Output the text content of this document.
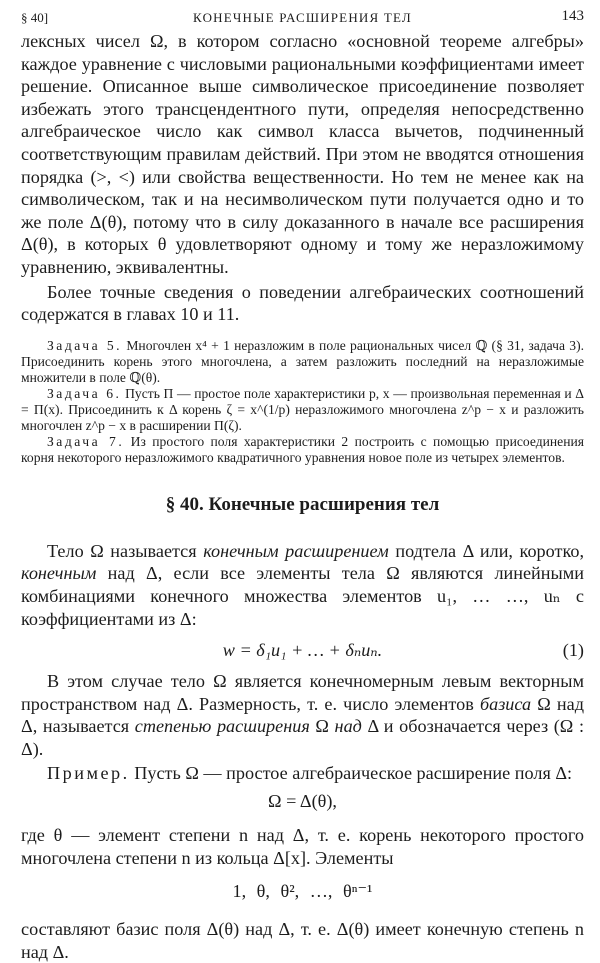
§ 40]	КОНЕЧНЫЕ РАСШИРЕНИЯ ТЕЛ	143

лексных чисел Ω, в котором согласно «основной теореме алгебры» каждое уравнение с числовыми рациональными коэффициентами имеет решение. Описанное выше символическое присоединение позволяет избежать этого трансцендентного пути, определяя непосредственно алгебраическое число как символ класса вычетов, подчиненный соответствующим правилам действий. При этом не вводятся отношения порядка (>, <) или свойства вещественности. Но тем не менее как на символическом, так и на несимволическом пути получается одно и то же поле Δ(θ), потому что в силу доказанного в начале все расширения Δ(θ), в которых θ удовлетворяют одному и тому же неразложимому уравнению, эквивалентны.

Более точные сведения о поведении алгебраических соотношений содержатся в главах 10 и 11.

Задача 5. Многочлен x⁴ + 1 неразложим в поле рациональных чисел ℚ (§ 31, задача 3). Присоединить корень этого многочлена, а затем разложить последний на неразложимые множители в поле ℚ(θ).

Задача 6. Пусть Π — простое поле характеристики p, x — произвольная переменная и Δ = Π(x). Присоединить к Δ корень ζ = x^(1/p) неразложимого многочлена z^p − x и разложить многочлен z^p − x в расширении Π(ζ).

Задача 7. Из простого поля характеристики 2 построить с помощью присоединения корня некоторого неразложимого квадратичного уравнения новое поле из четырех элементов.

§ 40. Конечные расширения тел

Тело Ω называется конечным расширением подтела Δ или, коротко, конечным над Δ, если все элементы тела Ω являются линейными комбинациями конечного множества элементов u₁, … …, uₙ с коэффициентами из Δ:

w = δ₁u₁ + … + δₙuₙ.	(1)

В этом случае тело Ω является конечномерным левым векторным пространством над Δ. Размерность, т. е. число элементов базиса Ω над Δ, называется степенью расширения Ω над Δ и обозначается через (Ω : Δ).

Пример. Пусть Ω — простое алгебраическое расширение поля Δ:

Ω = Δ(θ),

где θ — элемент степени n над Δ, т. е. корень некоторого простого многочлена степени n из кольца Δ[x]. Элементы

1, θ, θ², …, θⁿ⁻¹

составляют базис поля Δ(θ) над Δ, т. е. Δ(θ) имеет конечную степень n над Δ.
